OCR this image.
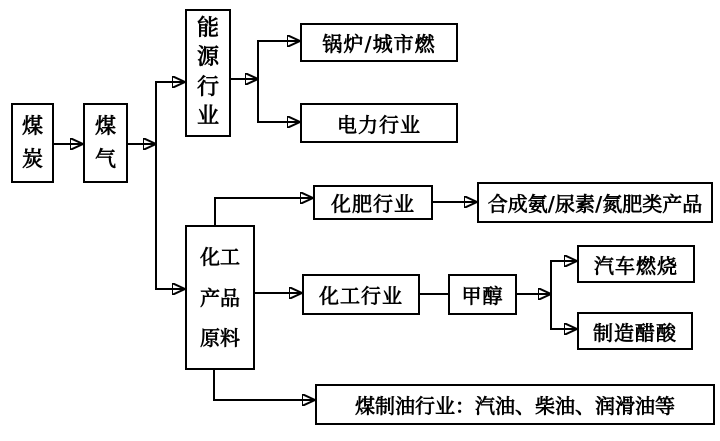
煤
炭
煤
气
能
源
行
业
锅炉/城市燃
电力行业
化肥行业	合成氨/尿素/氮肥类产品
化工
产品
原料
化工行业	甲醇
汽车燃烧
制造醋酸
煤制油行业：汽油、柴油、润滑油等
